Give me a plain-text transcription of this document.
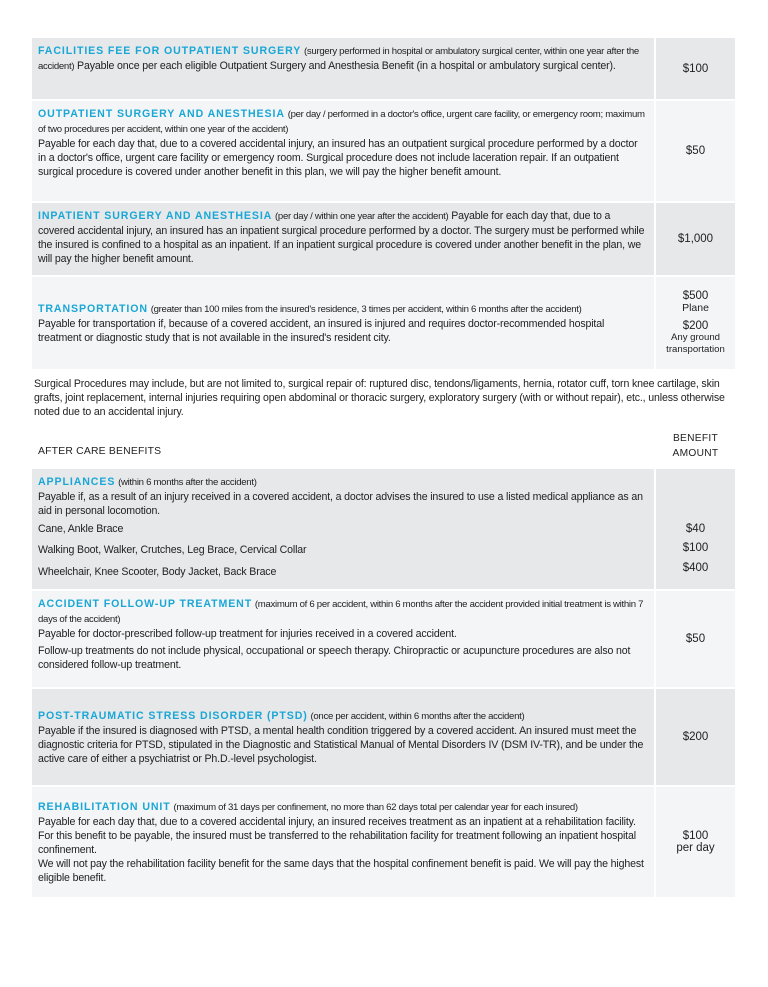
FACILITIES FEE FOR OUTPATIENT SURGERY (surgery performed in hospital or ambulatory surgical center, within one year after the accident) Payable once per each eligible Outpatient Surgery and Anesthesia Benefit (in a hospital or ambulatory surgical center).	$100
OUTPATIENT SURGERY AND ANESTHESIA (per day / performed in a doctor's office, urgent care facility, or emergency room; maximum of two procedures per accident, within one year of the accident)
Payable for each day that, due to a covered accidental injury, an insured has an outpatient surgical procedure performed by a doctor in a doctor's office, urgent care facility or emergency room. Surgical procedure does not include laceration repair. If an outpatient surgical procedure is covered under another benefit in this plan, we will pay the higher benefit amount.
$50
INPATIENT SURGERY AND ANESTHESIA (per day / within one year after the accident) Payable for each day that, due to a covered accidental injury, an insured has an inpatient surgical procedure performed by a doctor. The surgery must be performed while the insured is confined to a hospital as an inpatient. If an inpatient surgical procedure is covered under another benefit in the plan, we will pay the higher benefit amount.
$1,000
TRANSPORTATION (greater than 100 miles from the insured's residence, 3 times per accident, within 6 months after the accident)
Payable for transportation if, because of a covered accident, an insured is injured and requires doctor-recommended hospital treatment or diagnostic study that is not available in the insured's resident city.
$500
Plane
$200
Any ground transportation
Surgical Procedures may include, but are not limited to, surgical repair of: ruptured disc, tendons/ligaments, hernia, rotator cuff, torn knee cartilage, skin grafts, joint replacement, internal injuries requiring open abdominal or thoracic surgery, exploratory surgery (with or without repair), etc., unless otherwise noted due to an accidental injury.
AFTER CARE BENEFITS
BENEFIT
AMOUNT
APPLIANCES (within 6 months after the accident)
Payable if, as a result of an injury received in a covered accident, a doctor advises the insured to use a listed medical appliance as an aid in personal locomotion.
Cane, Ankle Brace
Walking Boot, Walker, Crutches, Leg Brace, Cervical Collar
Wheelchair, Knee Scooter, Body Jacket, Back Brace
$40
$100
$400
ACCIDENT FOLLOW-UP TREATMENT (maximum of 6 per accident, within 6 months after the accident provided initial treatment is within 7 days of the accident)
Payable for doctor-prescribed follow-up treatment for injuries received in a covered accident.
Follow-up treatments do not include physical, occupational or speech therapy. Chiropractic or acupuncture procedures are also not considered follow-up treatment.
$50
POST-TRAUMATIC STRESS DISORDER (PTSD) (once per accident, within 6 months after the accident)
Payable if the insured is diagnosed with PTSD, a mental health condition triggered by a covered accident. An insured must meet the diagnostic criteria for PTSD, stipulated in the Diagnostic and Statistical Manual of Mental Disorders IV (DSM IV-TR), and be under the active care of either a psychiatrist or Ph.D.-level psychologist.
$200
REHABILITATION UNIT (maximum of 31 days per confinement, no more than 62 days total per calendar year for each insured)
Payable for each day that, due to a covered accidental injury, an insured receives treatment as an inpatient at a rehabilitation facility. For this benefit to be payable, the insured must be transferred to the rehabilitation facility for treatment following an inpatient hospital confinement.
We will not pay the rehabilitation facility benefit for the same days that the hospital confinement benefit is paid. We will pay the highest eligible benefit.
$100
per day
